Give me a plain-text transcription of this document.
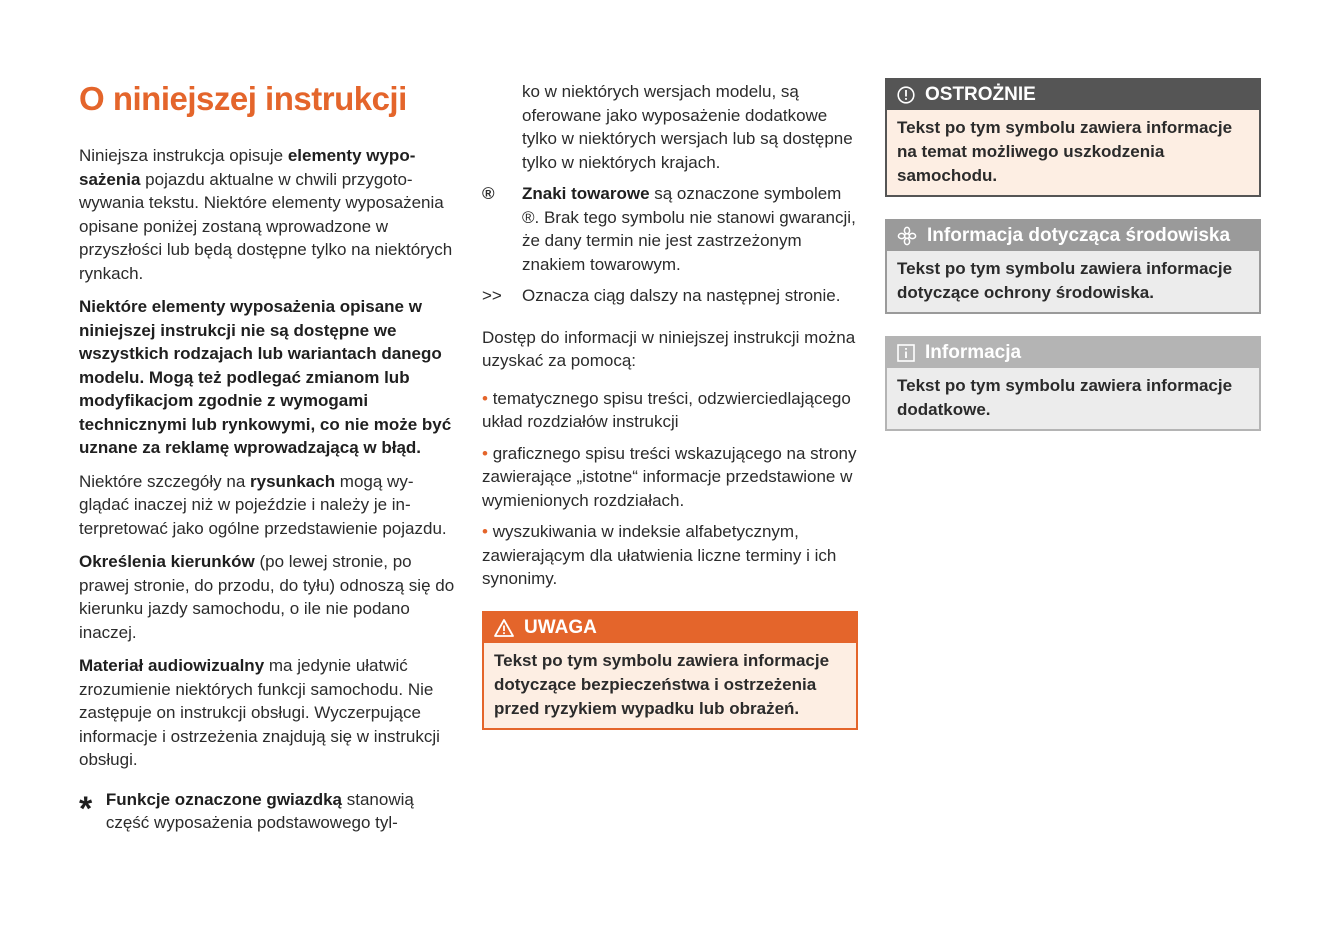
O niniejszej instrukcji

Niniejsza instrukcja opisuje elementy wyposażenia pojazdu aktualne w chwili przygotowywania tekstu. Niektóre elementy wyposażenia opisane poniżej zostaną wprowadzone w przyszłości lub będą dostępne tylko na niektórych rynkach.

Niektóre elementy wyposażenia opisane w niniejszej instrukcji nie są dostępne we wszystkich rodzajach lub wariantach danego modelu. Mogą też podlegać zmianom lub modyfikacjom zgodnie z wymogami technicznymi lub rynkowymi, co nie może być uznane za reklamę wprowadzającą w błąd.

Niektóre szczegóły na rysunkach mogą wyglądać inaczej niż w pojeździe i należy je interpretować jako ogólne przedstawienie pojazdu.

Określenia kierunków (po lewej stronie, po prawej stronie, do przodu, do tyłu) odnoszą się do kierunku jazdy samochodu, o ile nie podano inaczej.

Materiał audiowizualny ma jedynie ułatwić zrozumienie niektórych funkcji samochodu. Nie zastępuje on instrukcji obsługi. Wyczerpujące informacje i ostrzeżenia znajdują się w instrukcji obsługi.

* Funkcje oznaczone gwiazdką stanowią część wyposażenia podstawowego tyl-

ko w niektórych wersjach modelu, są oferowane jako wyposażenie dodatkowe tylko w niektórych wersjach lub są dostępne tylko w niektórych krajach.

®	Znaki towarowe są oznaczone symbolem ®. Brak tego symbolu nie stanowi gwarancji, że dany termin nie jest zastrzeżonym znakiem towarowym.

>>	Oznacza ciąg dalszy na następnej stronie.

Dostęp do informacji w niniejszej instrukcji można uzyskać za pomocą:

• tematycznego spisu treści, odzwierciedlającego układ rozdziałów instrukcji

• graficznego spisu treści wskazującego na strony zawierające „istotne“ informacje przedstawione w wymienionych rozdziałach.

• wyszukiwania w indeksie alfabetycznym, zawierającym dla ułatwienia liczne terminy i ich synonimy.

UWAGA

Tekst po tym symbolu zawiera informacje dotyczące bezpieczeństwa i ostrzeżenia przed ryzykiem wypadku lub obrażeń.

OSTROŻNIE

Tekst po tym symbolu zawiera informacje na temat możliwego uszkodzenia samochodu.

Informacja dotycząca środowiska

Tekst po tym symbolu zawiera informacje dotyczące ochrony środowiska.

Informacja

Tekst po tym symbolu zawiera informacje dodatkowe.
